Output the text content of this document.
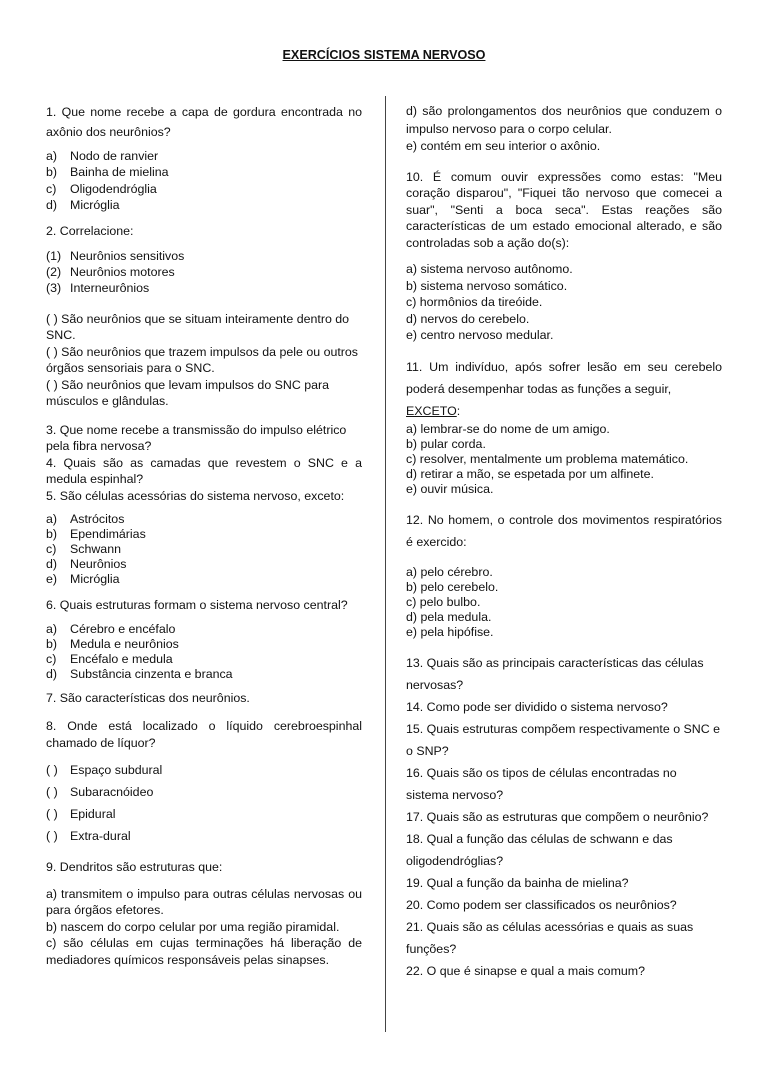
EXERCÍCIOS SISTEMA NERVOSO

1. Que nome recebe a capa de gordura encontrada no axônio dos neurônios?

a) Nodo de ranvier
b) Bainha de mielina
c) Oligodendróglia
d) Micróglia

2. Correlacione:

(1) Neurônios sensitivos
(2) Neurônios motores
(3) Interneurônios

( ) São neurônios que se situam inteiramente dentro do SNC.

( ) São neurônios que trazem impulsos da pele ou outros órgãos sensoriais para o SNC.

( ) São neurônios que levam impulsos do SNC para músculos e glândulas.

3. Que nome recebe a transmissão do impulso elétrico pela fibra nervosa?

4. Quais são as camadas que revestem o SNC e a medula espinhal?

5. São células acessórias do sistema nervoso, exceto:

a) Astrócitos
b) Ependimárias
c) Schwann
d) Neurônios
e) Micróglia

6. Quais estruturas formam o sistema nervoso central?

a) Cérebro e encéfalo
b) Medula e neurônios
c) Encéfalo e medula
d) Substância cinzenta e branca

7. São características dos neurônios.

8. Onde está localizado o líquido cerebroespinhal chamado de líquor?

( ) Espaço subdural
( ) Subaracnóideo
( ) Epidural
( ) Extra-dural

9. Dendritos são estruturas que:

a) transmitem o impulso para outras células nervosas ou para órgãos efetores.

b) nascem do corpo celular por uma região piramidal.

c) são células em cujas terminações há liberação de mediadores químicos responsáveis pelas sinapses.

d) são prolongamentos dos neurônios que conduzem o impulso nervoso para o corpo celular.

e) contém em seu interior o axônio.

10. É comum ouvir expressões como estas: "Meu coração disparou", "Fiquei tão nervoso que comecei a suar", "Senti a boca seca". Estas reações são características de um estado emocional alterado, e são controladas sob a ação do(s):

a) sistema nervoso autônomo.

b) sistema nervoso somático.

c) hormônios da tireóide.

d) nervos do cerebelo.

e) centro nervoso medular.

11. Um indivíduo, após sofrer lesão em seu cerebelo poderá desempenhar todas as funções a seguir,
EXCETO:

a) lembrar-se do nome de um amigo.

b) pular corda.

c) resolver, mentalmente um problema matemático.

d) retirar a mão, se espetada por um alfinete.

e) ouvir música.

12. No homem, o controle dos movimentos respiratórios é exercido:

a) pelo cérebro.

b) pelo cerebelo.

c) pelo bulbo.

d) pela medula.

e) pela hipófise.

13. Quais são as principais características das células nervosas?

14. Como pode ser dividido o sistema nervoso?

15. Quais estruturas compõem respectivamente o SNC e o SNP?

16. Quais são os tipos de células encontradas no sistema nervoso?

17. Quais são as estruturas que compõem o neurônio?

18. Qual a função das células de schwann e das oligodendróglias?

19. Qual a função da bainha de mielina?

20. Como podem ser classificados os neurônios?

21. Quais são as células acessórias e quais as suas funções?

22. O que é sinapse e qual a mais comum?
